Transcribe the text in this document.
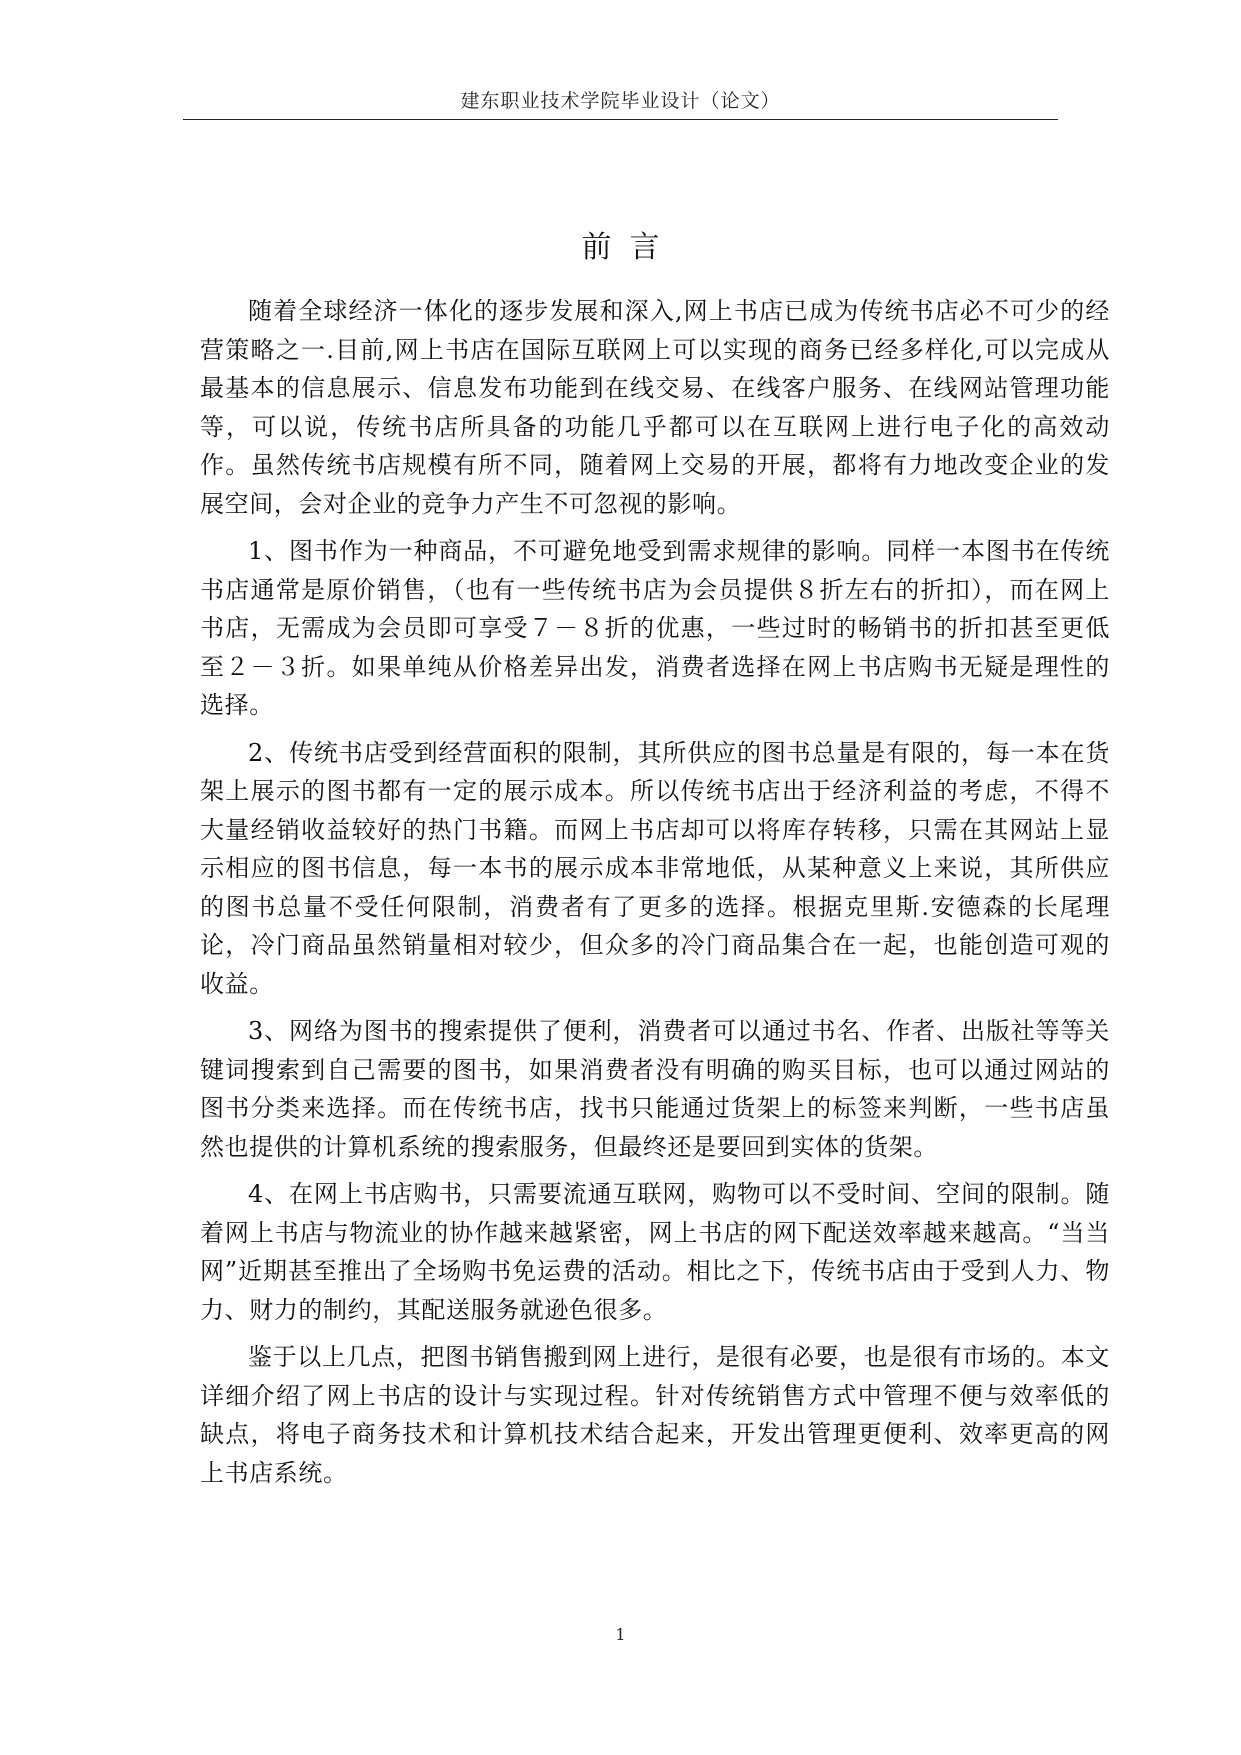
建东职业技术学院毕业设计（论文）
前言

随着全球经济一体化的逐步发展和深入,网上书店已成为传统书店必不可少的经营策略之一.目前,网上书店在国际互联网上可以实现的商务已经多样化,可以完成从最基本的信息展示、信息发布功能到在线交易、在线客户服务、在线网站管理功能等，可以说，传统书店所具备的功能几乎都可以在互联网上进行电子化的高效动作。虽然传统书店规模有所不同，随着网上交易的开展，都将有力地改变企业的发展空间，会对企业的竞争力产生不可忽视的影响。

1、图书作为一种商品，不可避免地受到需求规律的影响。同样一本图书在传统书店通常是原价销售，（也有一些传统书店为会员提供８折左右的折扣），而在网上书店，无需成为会员即可享受７－８折的优惠，一些过时的畅销书的折扣甚至更低至２－３折。如果单纯从价格差异出发，消费者选择在网上书店购书无疑是理性的选择。

2、传统书店受到经营面积的限制，其所供应的图书总量是有限的，每一本在货架上展示的图书都有一定的展示成本。所以传统书店出于经济利益的考虑，不得不大量经销收益较好的热门书籍。而网上书店却可以将库存转移，只需在其网站上显示相应的图书信息，每一本书的展示成本非常地低，从某种意义上来说，其所供应的图书总量不受任何限制，消费者有了更多的选择。根据克里斯.安德森的长尾理论，冷门商品虽然销量相对较少，但众多的冷门商品集合在一起，也能创造可观的收益。

3、网络为图书的搜索提供了便利，消费者可以通过书名、作者、出版社等等关键词搜索到自己需要的图书，如果消费者没有明确的购买目标，也可以通过网站的图书分类来选择。而在传统书店，找书只能通过货架上的标签来判断，一些书店虽然也提供的计算机系统的搜索服务，但最终还是要回到实体的货架。

4、在网上书店购书，只需要流通互联网，购物可以不受时间、空间的限制。随着网上书店与物流业的协作越来越紧密，网上书店的网下配送效率越来越高。“当当网”近期甚至推出了全场购书免运费的活动。相比之下，传统书店由于受到人力、物力、财力的制约，其配送服务就逊色很多。

鉴于以上几点，把图书销售搬到网上进行，是很有必要，也是很有市场的。本文详细介绍了网上书店的设计与实现过程。针对传统销售方式中管理不便与效率低的缺点，将电子商务技术和计算机技术结合起来，开发出管理更便利、效率更高的网上书店系统。

1
